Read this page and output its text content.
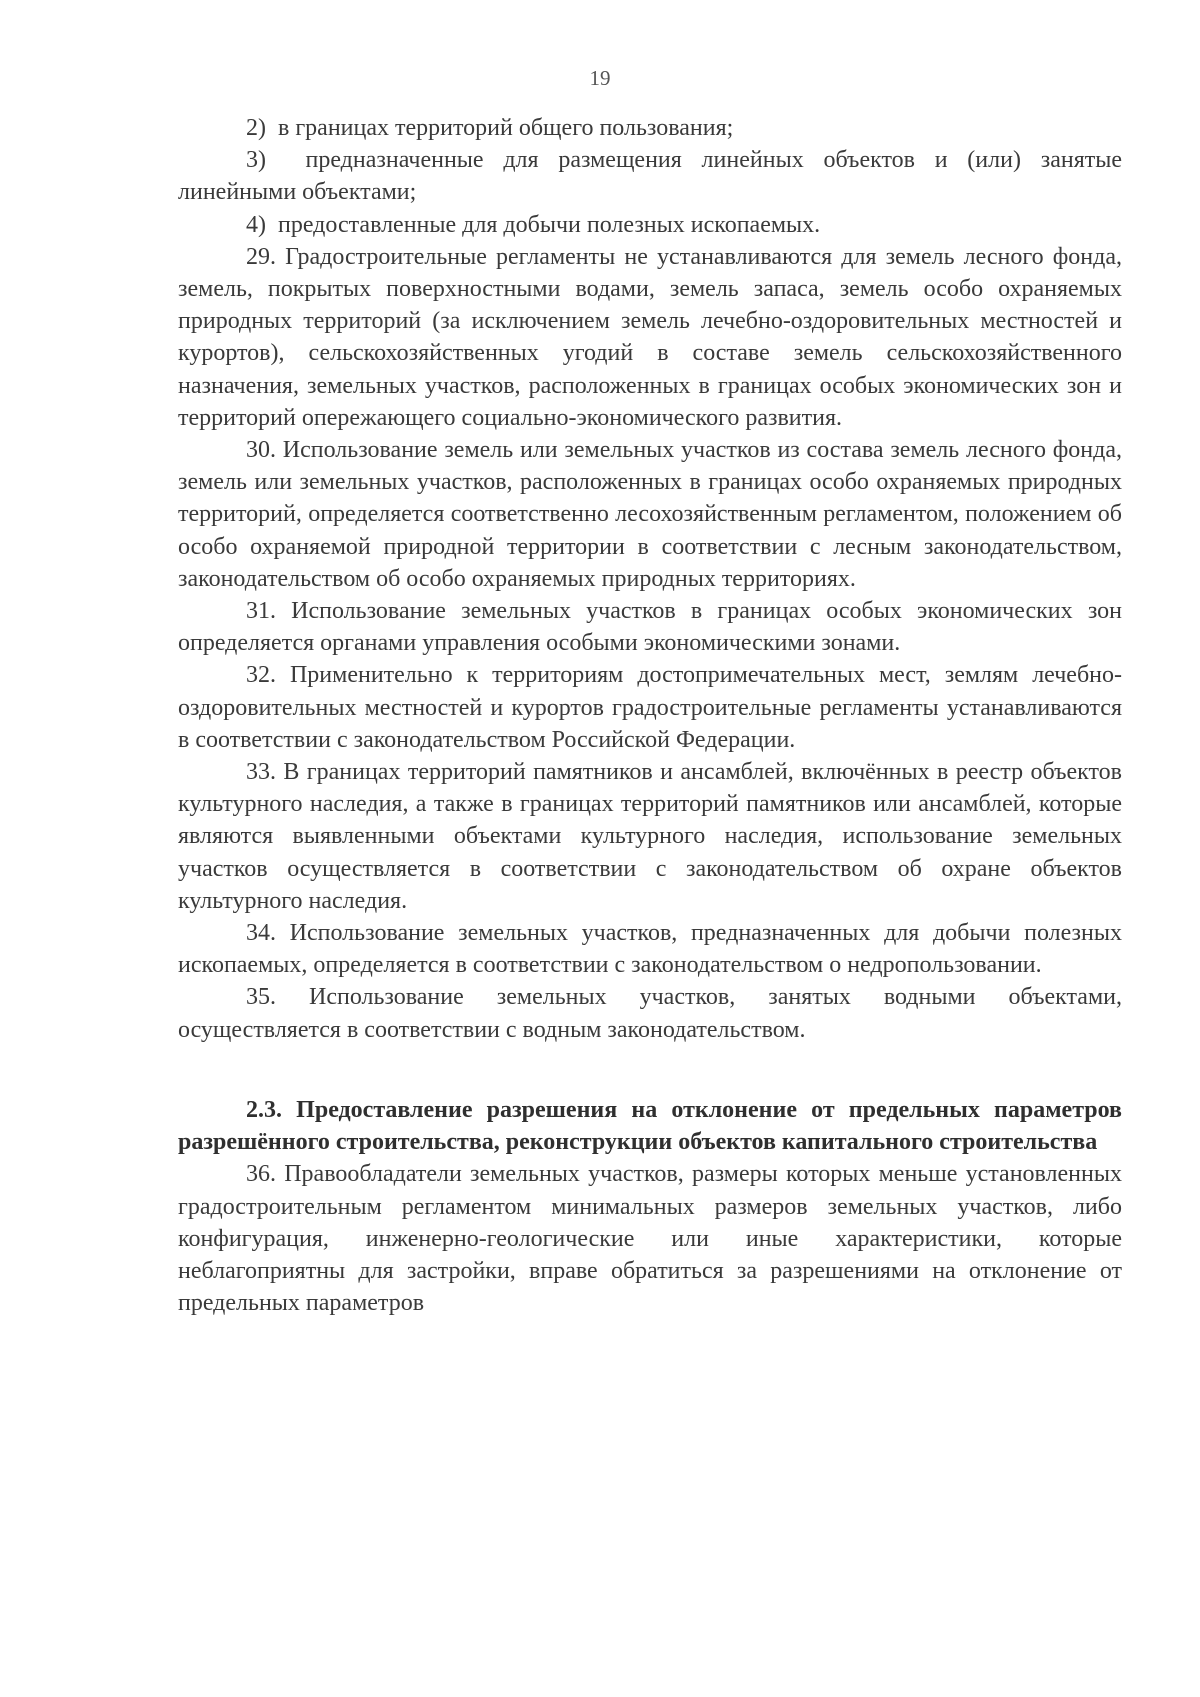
19

2)  в границах территорий общего пользования;

3)  предназначенные для размещения линейных объектов и (или) занятые линейными объектами;

4)  предоставленные для добычи полезных ископаемых.

29. Градостроительные регламенты не устанавливаются для земель лесного фонда, земель, покрытых поверхностными водами, земель запаса, земель особо охраняемых природных территорий (за исключением земель лечебно-оздоровительных местностей и курортов), сельскохозяйственных угодий в составе земель сельскохозяйственного назначения, земельных участков, расположенных в границах особых экономических зон и территорий опережающего социально-экономического развития.

30. Использование земель или земельных участков из состава земель лесного фонда, земель или земельных участков, расположенных в границах особо охраняемых природных территорий, определяется соответственно лесохозяйственным регламентом, положением об особо охраняемой природной территории в соответствии с лесным законодательством, законодательством об особо охраняемых природных территориях.

31. Использование земельных участков в границах особых экономических зон определяется органами управления особыми экономическими зонами.

32. Применительно к территориям достопримечательных мест, землям лечебно-оздоровительных местностей и курортов градостроительные регламенты устанавливаются в соответствии с законодательством Российской Федерации.

33. В границах территорий памятников и ансамблей, включённых в реестр объектов культурного наследия, а также в границах территорий памятников или ансамблей, которые являются выявленными объектами культурного наследия, использование земельных участков осуществляется в соответствии с законодательством об охране объектов культурного наследия.

34. Использование земельных участков, предназначенных для добычи полезных ископаемых, определяется в соответствии с законодательством о недропользовании.

35. Использование земельных участков, занятых водными объектами, осуществляется в соответствии с водным законодательством.

2.3. Предоставление разрешения на отклонение от предельных параметров разрешённого строительства, реконструкции объектов капитального строительства

36. Правообладатели земельных участков, размеры которых меньше установленных градостроительным регламентом минимальных размеров земельных участков, либо конфигурация, инженерно-геологические или иные характеристики, которые неблагоприятны для застройки, вправе обратиться за разрешениями на отклонение от предельных параметров
